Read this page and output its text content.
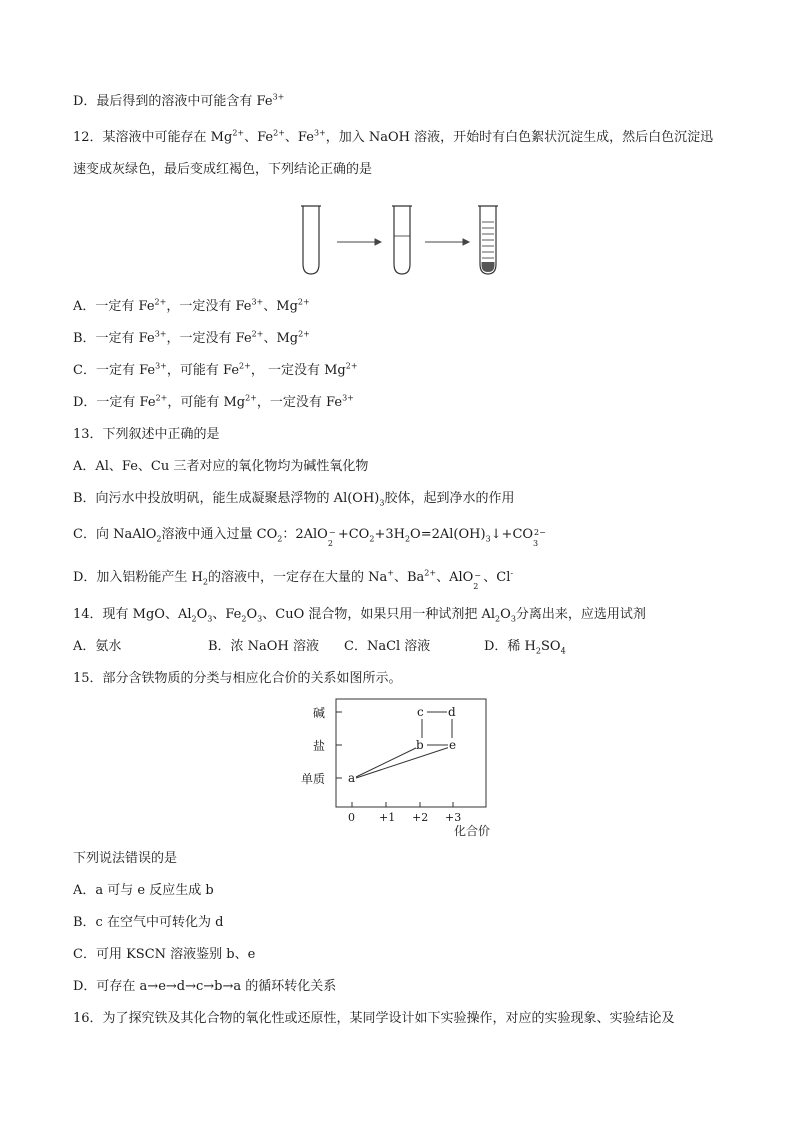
D．最后得到的溶液中可能含有 $Fe^{3+}$
12．某溶液中可能存在 $Mg^{2+}$、$Fe^{2+}$、$Fe^{3+}$，加入 NaOH 溶液，开始时有白色絮状沉淀生成，然后白色沉淀迅
速变成灰绿色，最后变成红褐色，下列结论正确的是
A．一定有 $Fe^{2+}$，一定没有 $Fe^{3+}$、$Mg^{2+}$
B．一定有 $Fe^{3+}$，一定没有 $Fe^{2+}$、$Mg^{2+}$
C．一定有 $Fe^{3+}$，可能有 $Fe^{2+}$， 一定没有 $Mg^{2+}$
D．一定有 $Fe^{2+}$，可能有 $Mg^{2+}$，一定没有 $Fe^{3+}$
13．下列叙述中正确的是
A．Al、Fe、Cu 三者对应的氧化物均为碱性氧化物
B．向污水中投放明矾，能生成凝聚悬浮物的 $Al(OH)_3$胶体，起到净水的作用
C．向 NaAlO$_2$溶液中通入过量 $CO_2$：2AlO −
2
$+CO_2+3H_2O=2Al(OH)_3↓+CO$ 2−
3
D．加入铝粉能产生 $H_2$的溶液中，一定存在大量的 Na+、$Ba^{2+}$、AlO −
2
、Cl-
14．现有 MgO、$Al_2O_3$、$Fe_2O_3$、CuO 混合物，如果只用一种试剂把 $Al_2O_3$分离出来，应选用试剂
A．氨水	B．浓 NaOH 溶液 C．NaCl 溶液	D．稀 $H_2SO_4$
15．部分含铁物质的分类与相应化合价的关系如图所示。
碱
盐
单质
0 +1 +2 +3
化合价
a
b
c d
e
下列说法错误的是
A．a 可与 e 反应生成 b
B．c 在空气中可转化为 d
C．可用 KSCN 溶液鉴别 b、e
D．可存在 a→e→d→c→b→a 的循环转化关系
16．为了探究铁及其化合物的氧化性或还原性，某同学设计如下实验操作，对应的实验现象、实验结论及
